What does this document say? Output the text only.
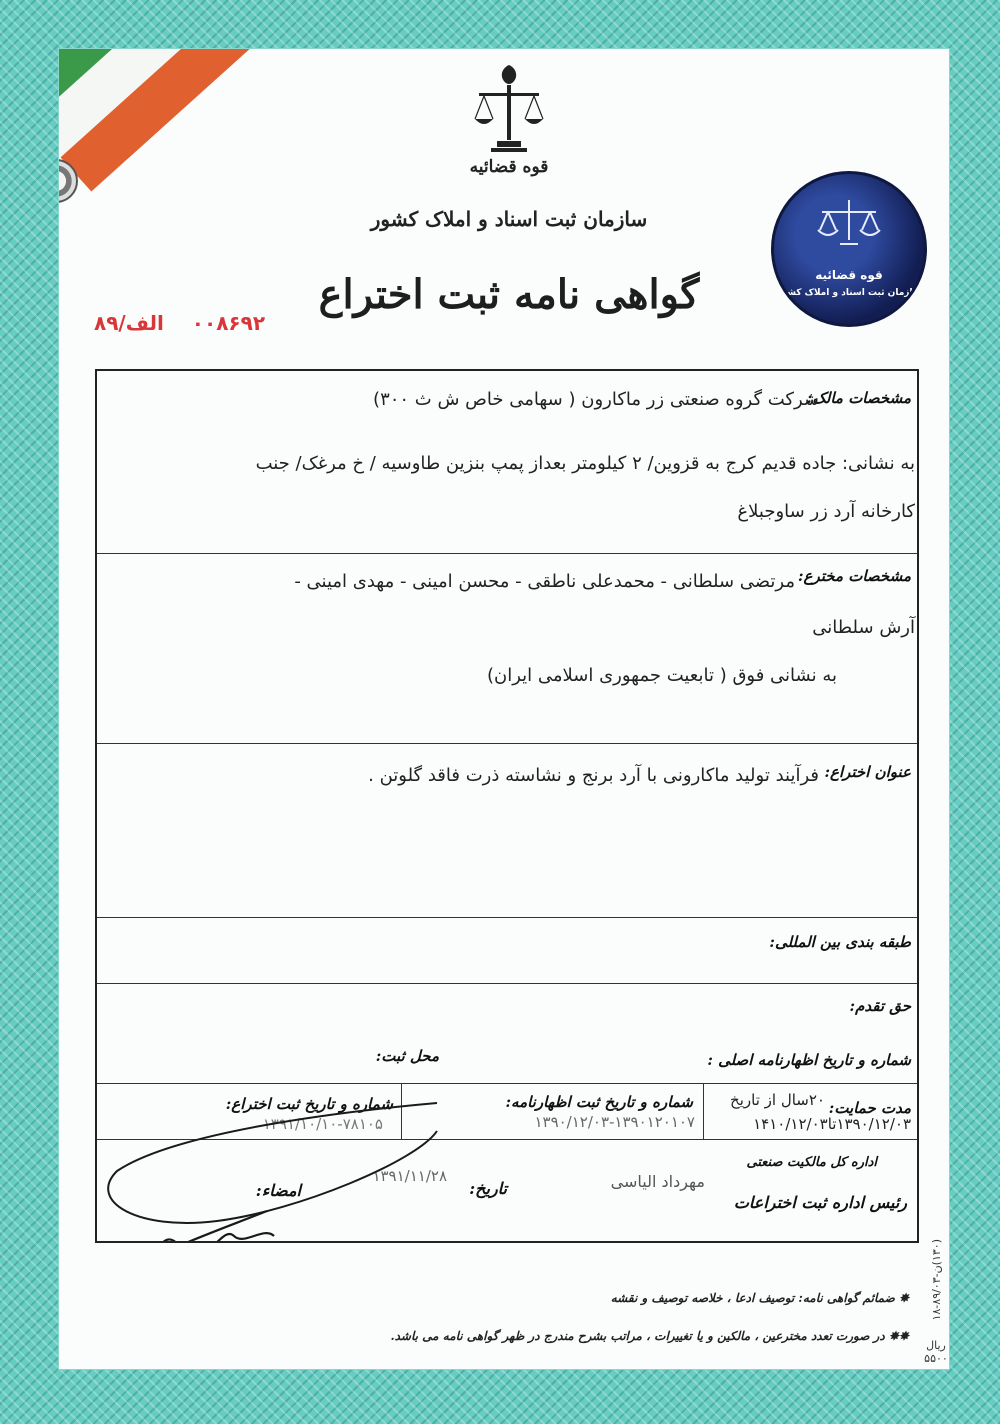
قوه قضائیه
سازمان ثبت اسناد و املاک کشور
گواهی نامه ثبت اختراع
الف/۸۹ ۰۰۸۶۹۲
قوه قضائیه
سازمان ثبت اسناد و املاک کشور
مشخصات مالک:
شرکت گروه صنعتی زر ماکارون ( سهامی خاص ش ث ۳۰۰)
به نشانی: جاده قدیم کرج به قزوین/ ۲ کیلومتر بعداز پمپ بنزین طاوسیه / خ مرغک/ جنب
کارخانه آرد زر ساوجبلاغ
مشخصات مخترع:
مرتضی سلطانی - محمدعلی ناطقی - محسن امینی - مهدی امینی -
آرش سلطانی
به نشانی فوق ( تابعیت جمهوری اسلامی ایران)
عنوان اختراع:
فرآیند تولید ماکارونی با آرد برنج و نشاسته ذرت فاقد گلوتن .
طبقه بندی بین المللی:
حق تقدم:
محل ثبت:	شماره و تاریخ اظهارنامه اصلی :
مدت حمایت:
۲۰سال از تاریخ
۱۳۹۰/۱۲/۰۳تا۱۴۱۰/۱۲/۰۳
شماره و تاریخ ثبت اظهارنامه:
۱۳۹۰/۱۲/۰۳-۱۳۹۰۱۲۰۱۰۷
شماره و تاریخ ثبت اختراع:
۱۳۹۱/۱۰/۱۰-۷۸۱۰۵
اداره کل مالکیت صنعتی
رئیس اداره ثبت اختراعات
مهرداد الیاسی
تاریخ:
۱۳۹۱/۱۱/۲۸
امضاء:
✸ ضمائم گواهی نامه: توصیف ادعا ، خلاصه توصیف و نقشه
✸✸ در صورت تعدد مخترعین ، مالکین و یا تغییرات ، مراتب بشرح مندرج در ظهر گواهی نامه می باشد.
(۱۳۰)ن-۸۹/۰۳-۱۸
ریال ۵۵۰۰
